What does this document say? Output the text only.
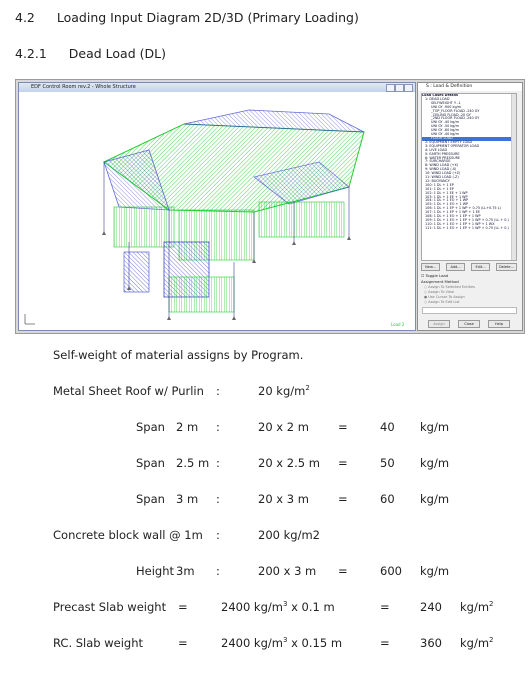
4.2 Loading Input Diagram 2D/3D (Primary Loading)
4.2.1 Dead Load (DL)
EDF Control Room rev.2 - Whole Structure
Load 2
S : Load & Definition
Load Cases Details
1: DEAD LOAD
SELFWEIGHT Y -1
UNI GY -900 kg/m
_TOP_FLOOR FLOAD -240 GY
_CEILING FLOAD -20 GY
_2ND FLOOR FLOAD -240 GY
UNI GY -40 kg/m
UNI GY -50 kg/m
UNI GY -60 kg/m
UNI GY -40 kg/m
FLOOR LOAD
2: EQUIPMENT EMPTY LOAD
3: EQUIPMENT OPERATOR LOAD
4: LIVE LOAD
5: EARTH PRESSURE
6: WATER PRESSURE
7: SURCHARGE
8: WIND LOAD (+X)
9: WIND LOAD (-X)
10: WIND LOAD (+Z)
11: WIND LOAD (-Z)
12: BUOYANCY
100: 1 DL + 1 EP
101: 1 DL + 1 EP
102: 1 DL + 1 EE + 1 WP
103: 1 DL + 1 EE + 1 WP
104: 1 DL + 1 EO + 1 WP
105: 1 DL + 1 EO + 1 WP
106: 1 DL + 1 EP + 1 WP + 0.75 (LL+0.75 L)
107: 1 DL + 1 EP + 1 WP + 1 EE
108: 1 DL + 1 EO + 1 EP + 1 WP
109: 1 DL + 1 EO + 1 EP + 1 WP + 0.75 (LL + 0.)
110: 1 DL + 1 EO + 1 EP + 1 WP + 1 WX
111: 1 DL + 1 EO + 1 EP + 1 WP + 0.75 (LL + 0.)
New...	Add...	Edit...	Delete...
☐ Toggle Load
Assignment Method
○ Assign To Selected Entities
○ Assign To View
● Use Cursor To Assign
○ Assign To Edit List
Assign	Close	Help
Self-weight of material assigns by Program.
Metal Sheet Roof w/ Purlin :	20 $kg/m^2$
Span 2 m :	20 x 2 m	=	40 kg/m
Span 2.5 m :	20 x 2.5 m =	50 kg/m
Span 3 m :	20 x 3 m	=	60 kg/m
Concrete block wall @ 1m :	200 kg/m2
Height 3m :	200 x 3 m =	600 kg/m
Precast Slab weight =	2400 $kg/m^3$ x 0.1 m	=	240 $kg/m^2$
RC. Slab weight	=	2400 $kg/m^3$ x 0.15 m	=	360 $kg/m^2$
